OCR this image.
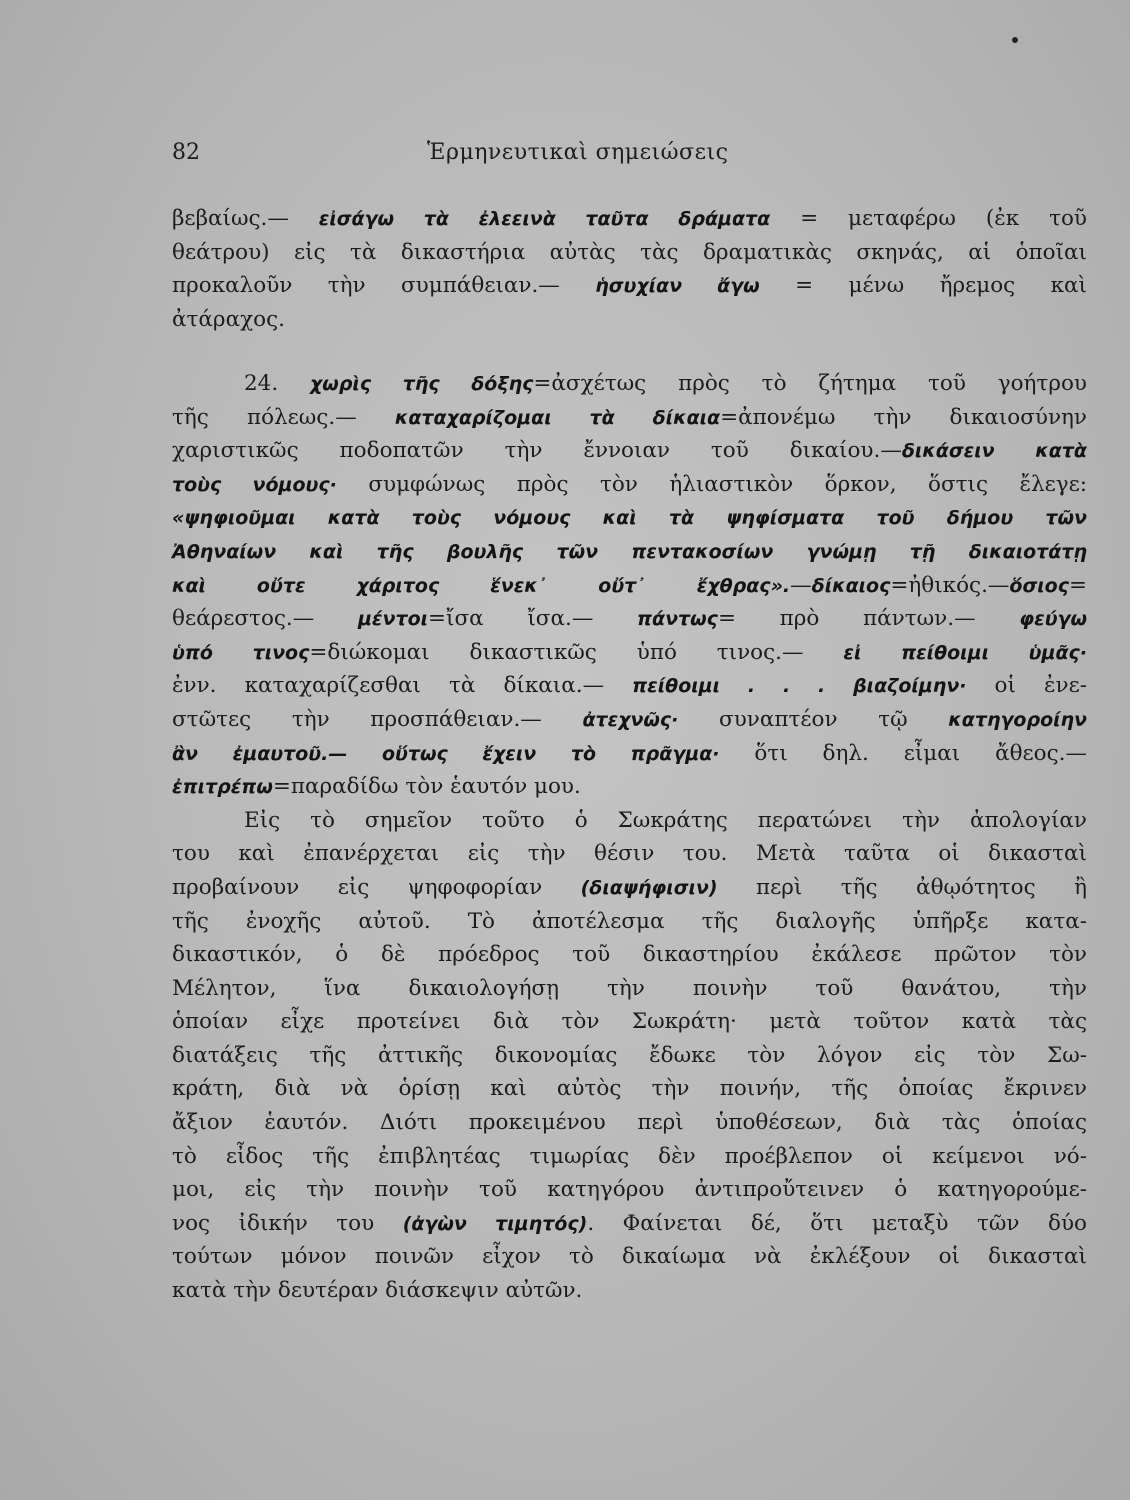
82	Ἑρμηνευτικαὶ σημειώσεις
βεβαίως.— εἰσάγω τὰ ἐλεεινὰ ταῦτα δράματα = μεταφέρω (ἐκ τοῦ
θεάτρου) εἰς τὰ δικαστήρια αὐτὰς τὰς δραματικὰς σκηνάς, αἱ ὁποῖαι
προκαλοῦν τὴν συμπάθειαν.— ἡσυχίαν ἄγω = μένω ἤρεμος καὶ
ἀτάραχος.
24. χωρὶς τῆς δόξης=ἀσχέτως πρὸς τὸ ζήτημα τοῦ γοήτρου
τῆς πόλεως.— καταχαρίζομαι τὰ δίκαια=ἀπονέμω τὴν δικαιοσύνην
χαριστικῶς ποδοπατῶν τὴν ἔννοιαν τοῦ δικαίου.—δικάσειν κατὰ
τοὺς νόμους· συμφώνως πρὸς τὸν ἡλιαστικὸν ὅρκον, ὅστις ἔλεγε:
«ψηφιοῦμαι κατὰ τοὺς νόμους καὶ τὰ ψηφίσματα τοῦ δήμου τῶν
Ἀθηναίων καὶ τῆς βουλῆς τῶν πεντακοσίων γνώμῃ τῇ δικαιοτάτῃ
καὶ οὔτε χάριτος ἕνεκ᾽ οὔτ᾽ ἔχθρας».—δίκαιος=ἠθικός.—ὅσιος=
θεάρεστος.— μέντοι=ἴσα ἴσα.— πάντως= πρὸ πάντων.— φεύγω
ὑπό τινος=διώκομαι δικαστικῶς ὑπό τινος.— εἰ πείθοιμι ὑμᾶς·
ἐνν. καταχαρίζεσθαι τὰ δίκαια.— πείθοιμι . . . βιαζοίμην· οἱ ἐνε-
στῶτες τὴν προσπάθειαν.— ἀτεχνῶς· συναπτέον τῷ κατηγοροίην
ἂν ἐμαυτοῦ.— οὕτως ἔχειν τὸ πρᾶγμα· ὅτι δηλ. εἶμαι ἄθεος.—
ἐπιτρέπω=παραδίδω τὸν ἑαυτόν μου.
Εἰς τὸ σημεῖον τοῦτο ὁ Σωκράτης περατώνει τὴν ἀπολογίαν
του καὶ ἐπανέρχεται εἰς τὴν θέσιν του. Μετὰ ταῦτα οἱ δικασταὶ
προβαίνουν εἰς ψηφοφορίαν (διαψήφισιν) περὶ τῆς ἀθῳότητος ἢ
τῆς ἐνοχῆς αὐτοῦ. Τὸ ἀποτέλεσμα τῆς διαλογῆς ὑπῆρξε κατα-
δικαστικόν, ὁ δὲ πρόεδρος τοῦ δικαστηρίου ἐκάλεσε πρῶτον τὸν
Μέλητον, ἵνα δικαιολογήσῃ τὴν ποινὴν τοῦ θανάτου, τὴν
ὁποίαν εἶχε προτείνει διὰ τὸν Σωκράτη· μετὰ τοῦτον κατὰ τὰς
διατάξεις τῆς ἀττικῆς δικονομίας ἔδωκε τὸν λόγον εἰς τὸν Σω-
κράτη, διὰ νὰ ὁρίσῃ καὶ αὐτὸς τὴν ποινήν, τῆς ὁποίας ἔκρινεν
ἄξιον ἑαυτόν. Διότι προκειμένου περὶ ὑποθέσεων, διὰ τὰς ὁποίας
τὸ εἶδος τῆς ἐπιβλητέας τιμωρίας δὲν προέβλεπον οἱ κείμενοι νό-
μοι, εἰς τὴν ποινὴν τοῦ κατηγόρου ἀντιπροὔτεινεν ὁ κατηγορούμε-
νος ἰδικήν του (ἀγὼν τιμητός). Φαίνεται δέ, ὅτι μεταξὺ τῶν δύο
τούτων μόνον ποινῶν εἶχον τὸ δικαίωμα νὰ ἐκλέξουν οἱ δικασταὶ
κατὰ τὴν δευτέραν διάσκεψιν αὐτῶν.
